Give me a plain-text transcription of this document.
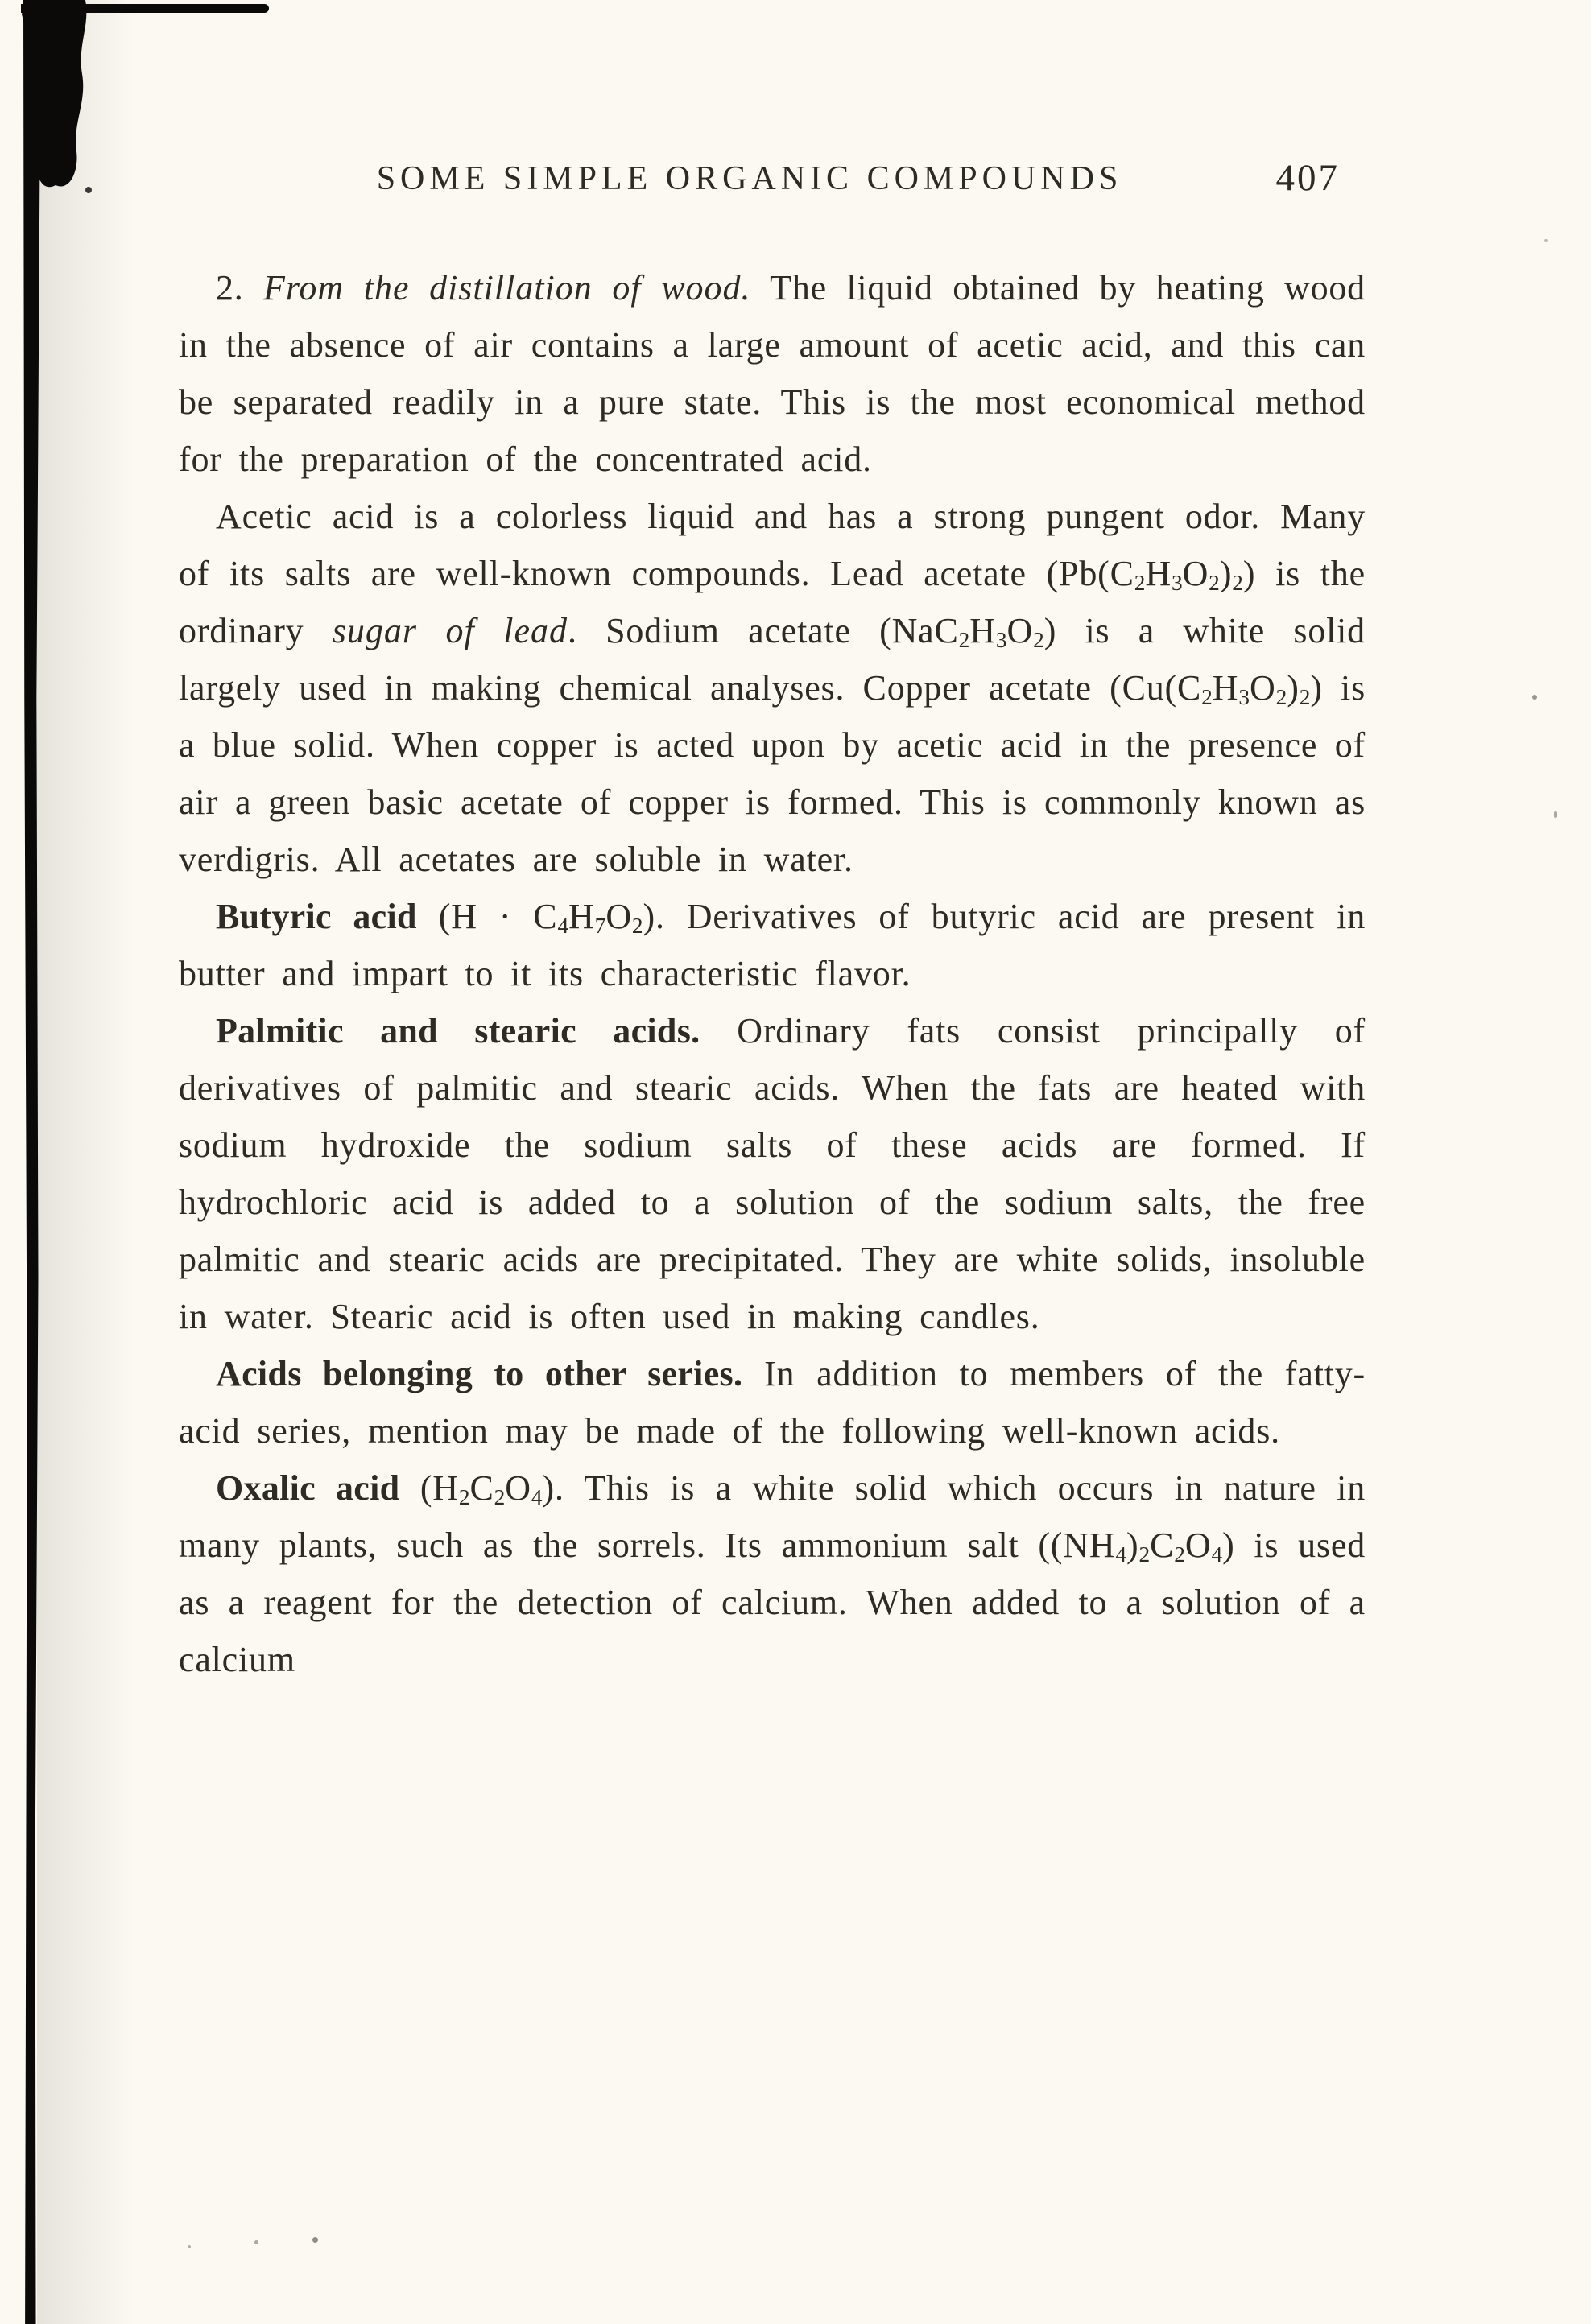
SOME SIMPLE ORGANIC COMPOUNDS	407

2. From the distillation of wood. The liquid obtained by heating wood in the absence of air contains a large amount of acetic acid, and this can be separated readily in a pure state. This is the most economical method for the preparation of the concentrated acid.

Acetic acid is a colorless liquid and has a strong pungent odor. Many of its salts are well-known compounds. Lead acetate $(Pb(C_2H_3O_2)_2)$ is the ordinary sugar of lead. Sodium acetate $(NaC_2H_3O_2)$ is a white solid largely used in making chemical analyses. Copper acetate $(Cu(C_2H_3O_2)_2)$ is a blue solid. When copper is acted upon by acetic acid in the presence of air a green basic acetate of copper is formed. This is commonly known as verdigris. All acetates are soluble in water.

Butyric acid $(H \cdot C_4H_7O_2)$. Derivatives of butyric acid are present in butter and impart to it its characteristic flavor.

Palmitic and stearic acids. Ordinary fats consist principally of derivatives of palmitic and stearic acids. When the fats are heated with sodium hydroxide the sodium salts of these acids are formed. If hydrochloric acid is added to a solution of the sodium salts, the free palmitic and stearic acids are precipitated. They are white solids, insoluble in water. Stearic acid is often used in making candles.

Acids belonging to other series. In addition to members of the fatty-acid series, mention may be made of the following well-known acids.

Oxalic acid $(H_2C_2O_4)$. This is a white solid which occurs in nature in many plants, such as the sorrels. Its ammonium salt $((NH_4)_2C_2O_4)$ is used as a reagent for the detection of calcium. When added to a solution of a calcium
